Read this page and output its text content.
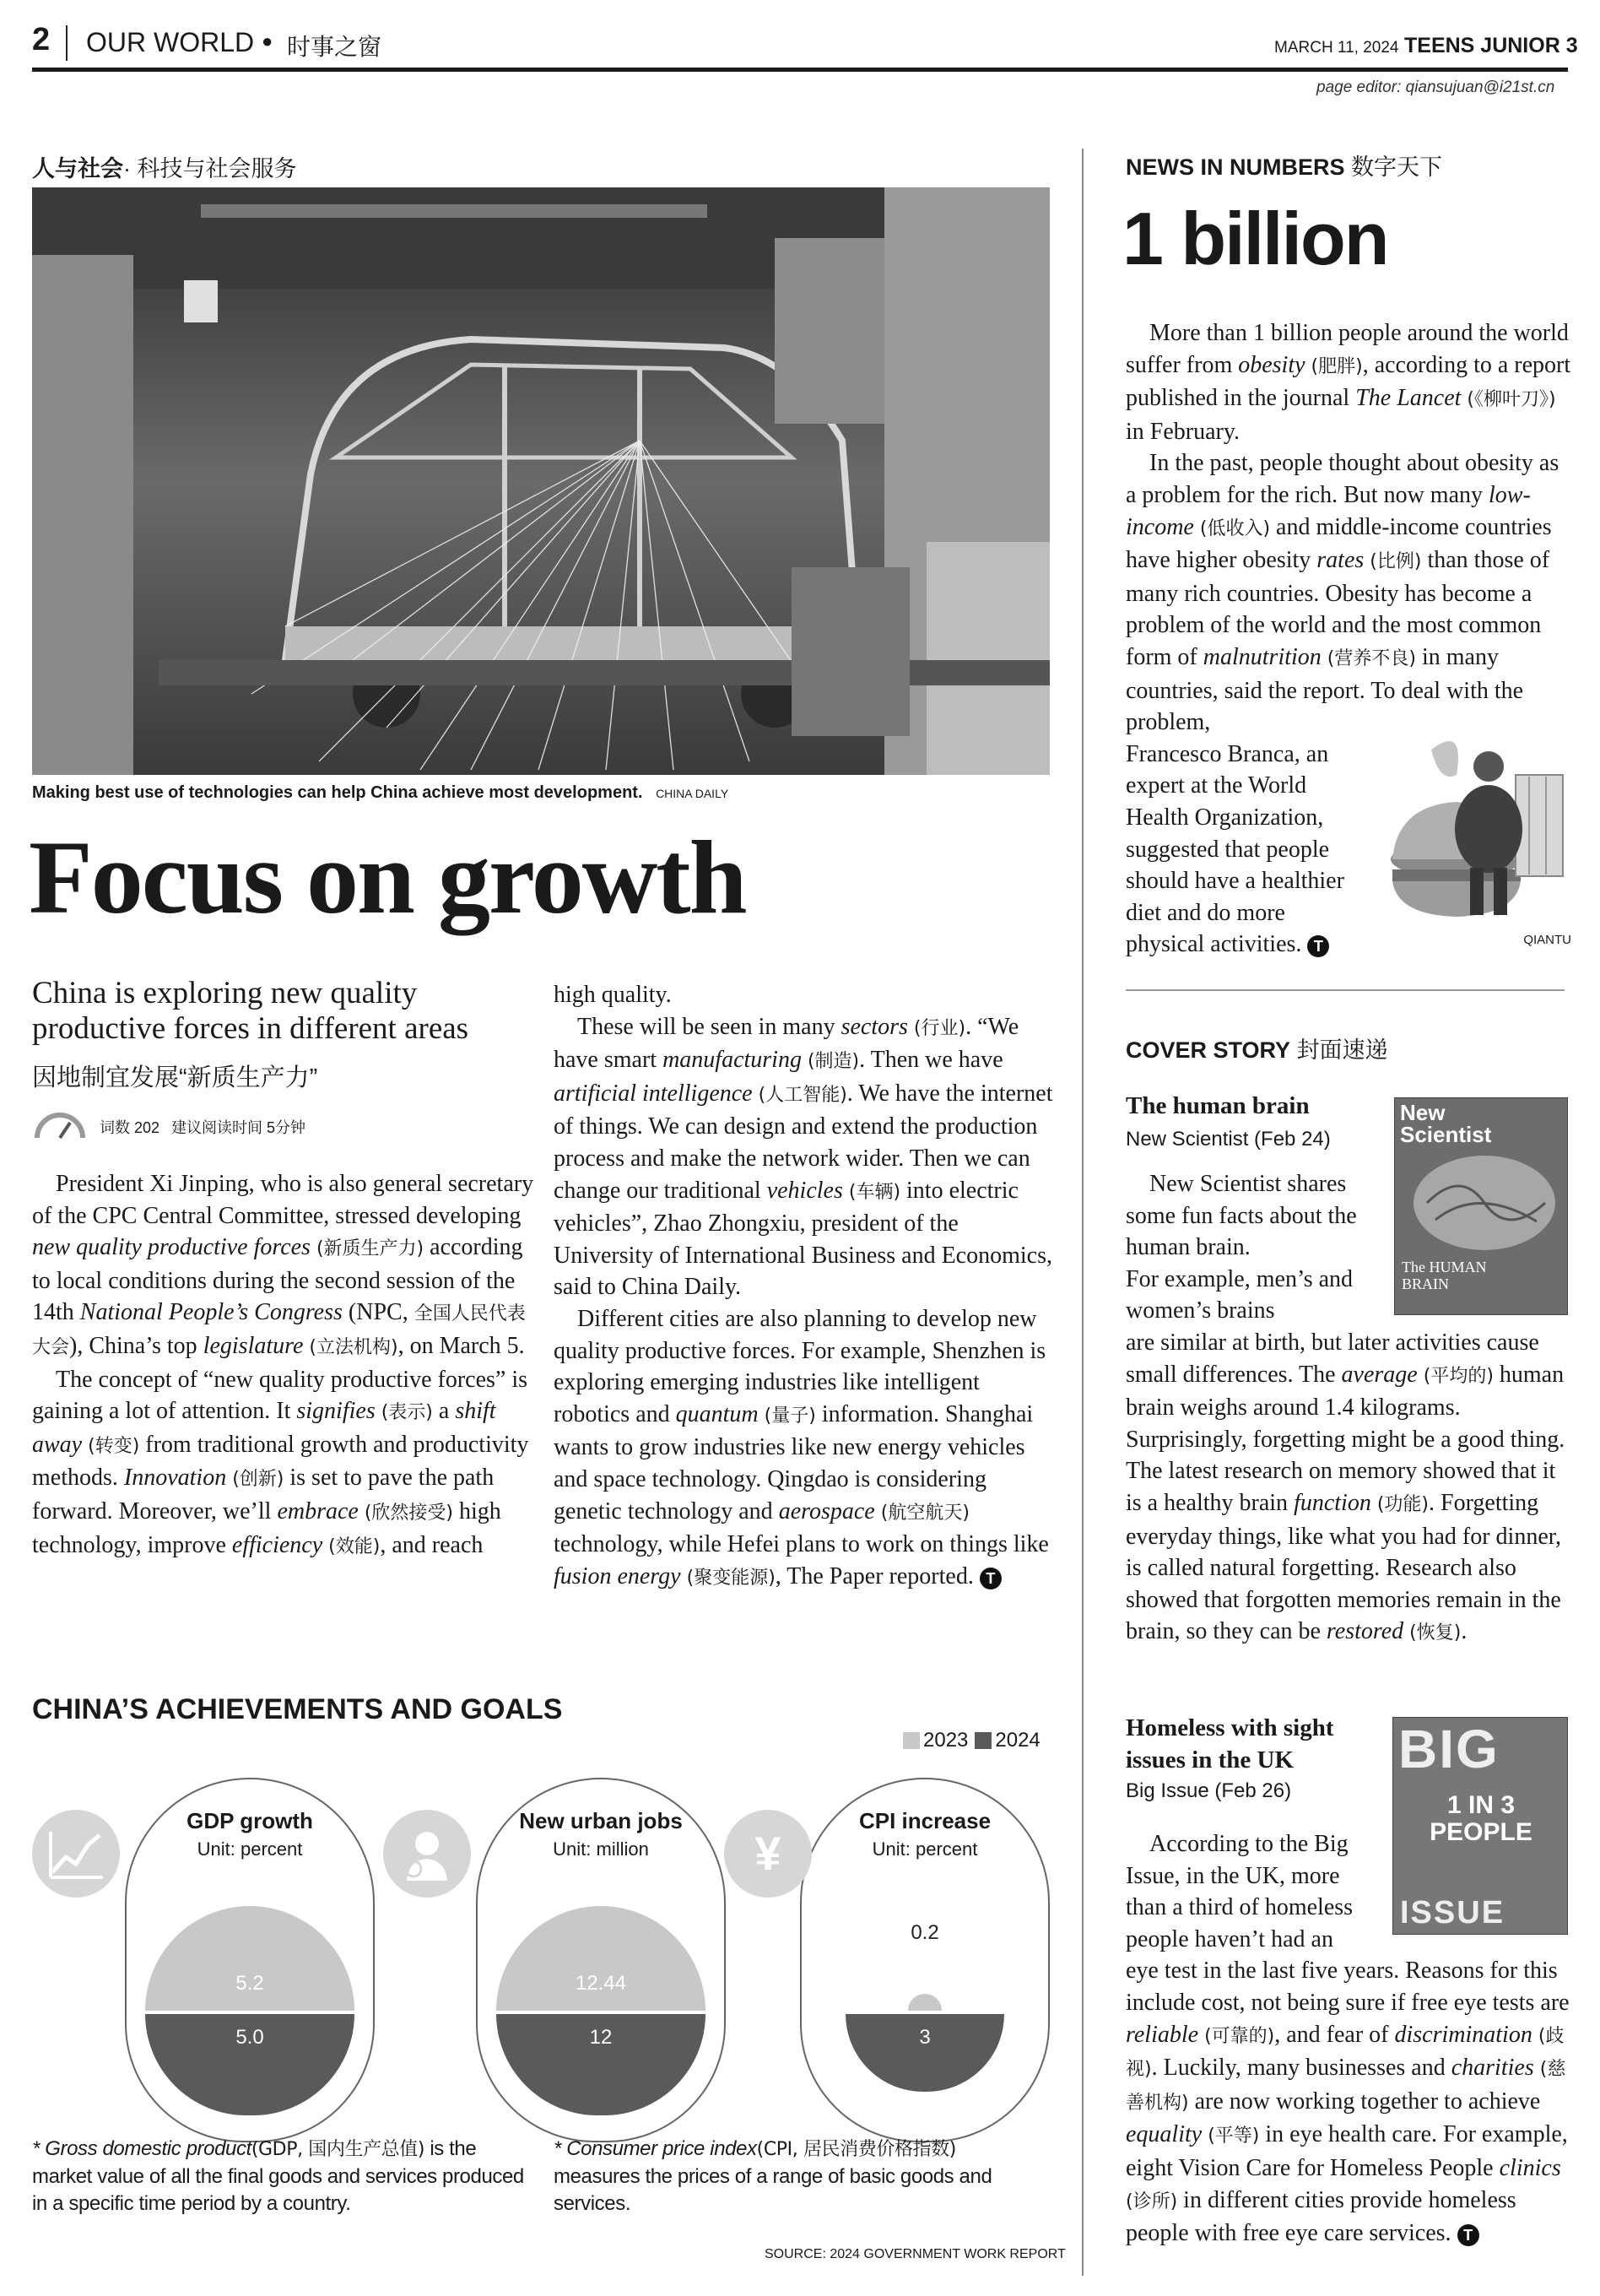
2 OUR WORLD ● 时事之窗	MARCH 11, 2024 TEENS JUNIOR 3
page editor: qiansujuan@i21st.cn
人与社会· 科技与社会服务
Making best use of technologies can help China achieve most development. CHINA DAILY
Focus on growth
China is exploring new quality
productive forces in different areas
因地制宜发展“新质生产力”
词数 202 建议阅读时间 5分钟

President Xi Jinping, who is also general secretary of the CPC Central Committee, stressed developing new quality productive forces (新质生产力) according to local conditions during the second session of the 14th National People’s Congress (NPC, 全国人民代表大会), China’s top legislature (立法机构), on March 5.

The concept of “new quality productive forces” is gaining a lot of attention. It signifies (表示) a shift away (转变) from traditional growth and productivity methods. Innovation (创新) is set to pave the path forward. Moreover, we’ll embrace (欣然接受) high technology, improve efficiency (效能), and reach

high quality.

These will be seen in many sectors (行业). “We have smart manufacturing (制造). Then we have artificial intelligence (人工智能). We have the internet of things. We can design and extend the production process and make the network wider. Then we can change our traditional vehicles (车辆) into electric vehicles”, Zhao Zhongxiu, president of the University of International Business and Economics, said to China Daily.

Different cities are also planning to develop new quality productive forces. For example, Shenzhen is exploring emerging industries like intelligent robotics and quantum (量子) information. Shanghai wants to grow industries like new energy vehicles and space technology. Qingdao is considering genetic technology and aerospace (航空航天) technology, while Hefei plans to work on things like fusion energy (聚变能源), The Paper reported. T

CHINA’S ACHIEVEMENTS AND GOALS
2023 2024
GDP growth
Unit: percent
5.2
5.0
New urban jobs
Unit: million
12.44
12
CPI increase
Unit: percent
0.2
3
¥
* Gross domestic product(GDP, 国内生产总值) is the market value of all the final goods and services produced in a specific time period by a country.
* Consumer price index(CPI, 居民消费价格指数) measures the prices of a range of basic goods and services.
SOURCE: 2024 GOVERNMENT WORK REPORT
NEWS IN NUMBERS 数字天下
1 billion

More than 1 billion people around the world suffer from obesity (肥胖), according to a report published in the journal The Lancet (《柳叶刀》) in February.

In the past, people thought about obesity as a problem for the rich. But now many low-income (低收入) and middle-income countries have higher obesity rates (比例) than those of many rich countries. Obesity has become a problem of the world and the most common form of malnutrition (营养不良) in many countries, said the report. To deal with the problem,

Francesco Branca, an expert at the World Health Organization, suggested that people should have a healthier diet and do more physical activities. T	QIANTU
COVER STORY 封面速递
The human brain
New Scientist (Feb 24)
New Scientist
The HUMAN BRAIN

New Scientist shares some fun facts about the human brain.

For example, men’s and women’s brains

are similar at birth, but later activities cause small differences. The average (平均的) human brain weighs around 1.4 kilograms. Surprisingly, forgetting might be a good thing. The latest research on memory showed that it is a healthy brain function (功能). Forgetting everyday things, like what you had for dinner, is called natural forgetting. Research also showed that forgotten memories remain in the brain, so they can be restored (恢复).

Homeless with sight
issues in the UK
Big Issue (Feb 26)
BIG
1 IN 3 PEOPLE
ISSUE

According to the Big Issue, in the UK, more than a third of homeless people haven’t had an

eye test in the last five years. Reasons for this include cost, not being sure if free eye tests are reliable (可靠的), and fear of discrimination (歧视). Luckily, many businesses and charities (慈善机构) are now working together to achieve equality (平等) in eye health care. For example, eight Vision Care for Homeless People clinics (诊所) in different cities provide homeless people with free eye care services. T
